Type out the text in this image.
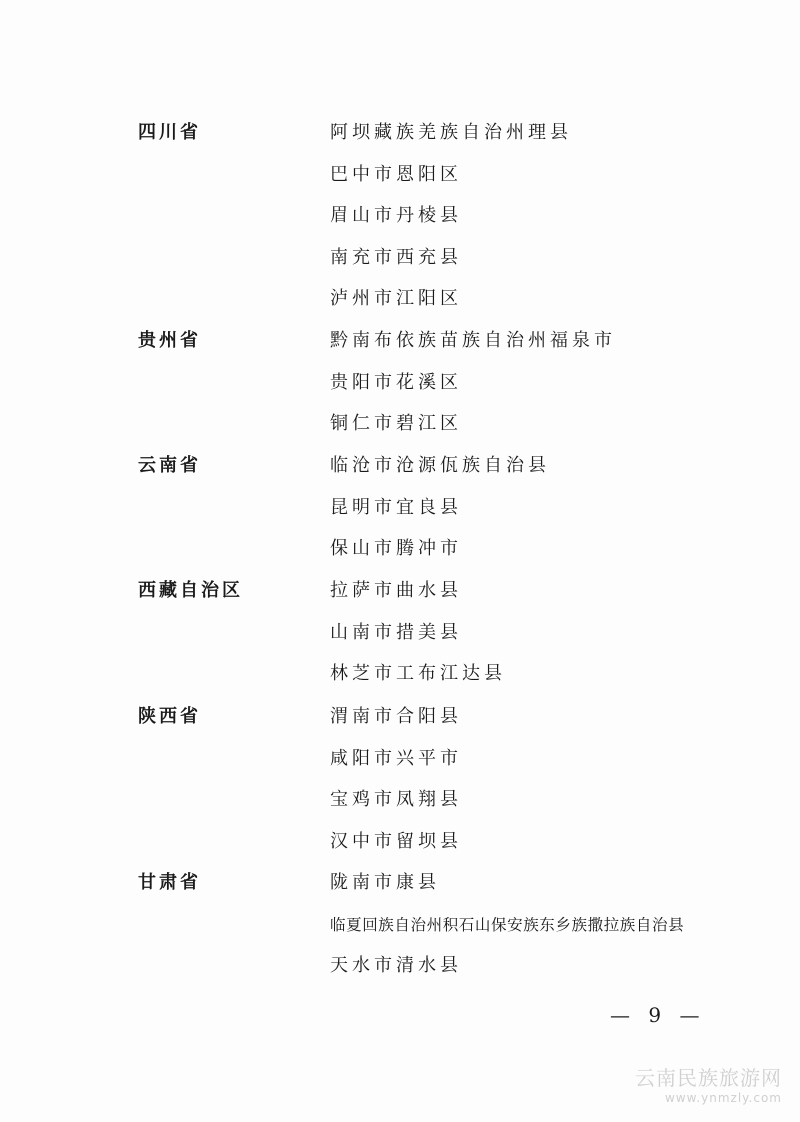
四川省	阿坝藏族羌族自治州理县
巴中市恩阳区
眉山市丹棱县
南充市西充县
泸州市江阳区
贵州省	黔南布依族苗族自治州福泉市
贵阳市花溪区
铜仁市碧江区
云南省	临沧市沧源佤族自治县
昆明市宜良县
保山市腾冲市
西藏自治区	拉萨市曲水县
山南市措美县
林芝市工布江达县
陕西省	渭南市合阳县
咸阳市兴平市
宝鸡市凤翔县
汉中市留坝县
甘肃省	陇南市康县
临夏回族自治州积石山保安族东乡族撒拉族自治县
天水市清水县
— 9 —
云南民族旅游网
www.ynmzly.com
